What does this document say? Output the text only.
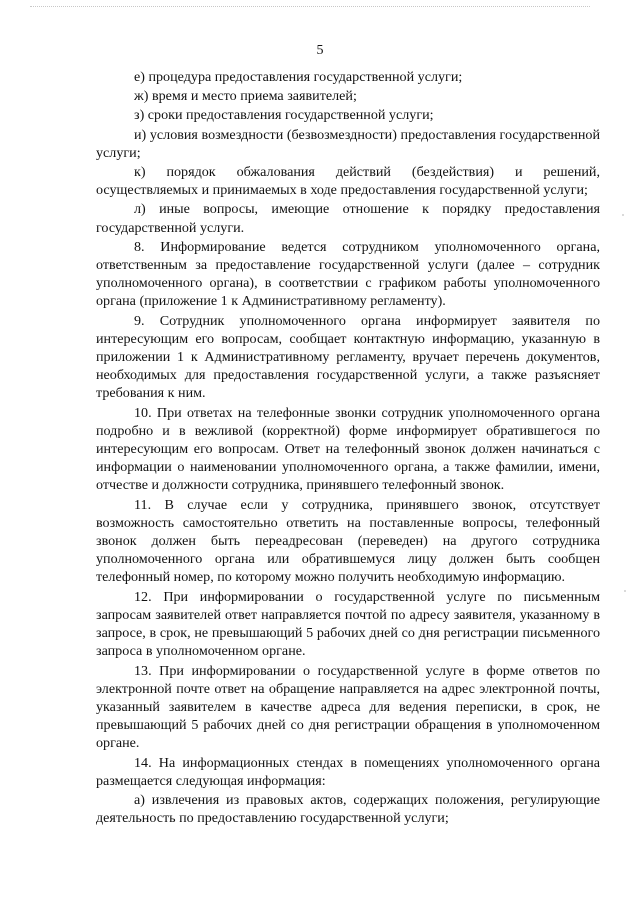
5

е) процедура предоставления государственной услуги;

ж) время и место приема заявителей;

з) сроки предоставления государственной услуги;

и) условия возмездности (безвозмездности) предоставления государственной услуги;

к) порядок обжалования действий (бездействия) и решений, осуществляемых и принимаемых в ходе предоставления государственной услуги;

л) иные вопросы, имеющие отношение к порядку предоставления государственной услуги.

8. Информирование ведется сотрудником уполномоченного органа, ответственным за предоставление государственной услуги (далее – сотрудник уполномоченного органа), в соответствии с графиком работы уполномоченного органа (приложение 1 к Административному регламенту).

9. Сотрудник уполномоченного органа информирует заявителя по интересующим его вопросам, сообщает контактную информацию, указанную в приложении 1 к Административному регламенту, вручает перечень документов, необходимых для предоставления государственной услуги, а также разъясняет требования к ним.

10. При ответах на телефонные звонки сотрудник уполномоченного органа подробно и в вежливой (корректной) форме информирует обратившегося по интересующим его вопросам. Ответ на телефонный звонок должен начинаться с информации о наименовании уполномоченного органа, а также фамилии, имени, отчестве и должности сотрудника, принявшего телефонный звонок.

11. В случае если у сотрудника, принявшего звонок, отсутствует возможность самостоятельно ответить на поставленные вопросы, телефонный звонок должен быть переадресован (переведен) на другого сотрудника уполномоченного органа или обратившемуся лицу должен быть сообщен телефонный номер, по которому можно получить необходимую информацию.

12. При информировании о государственной услуге по письменным запросам заявителей ответ направляется почтой по адресу заявителя, указанному в запросе, в срок, не превышающий 5 рабочих дней со дня регистрации письменного запроса в уполномоченном органе.

13. При информировании о государственной услуге в форме ответов по электронной почте ответ на обращение направляется на адрес электронной почты, указанный заявителем в качестве адреса для ведения переписки, в срок, не превышающий 5 рабочих дней со дня регистрации обращения в уполномоченном органе.

14. На информационных стендах в помещениях уполномоченного органа размещается следующая информация:

а) извлечения из правовых актов, содержащих положения, регулирующие деятельность по предоставлению государственной услуги;
